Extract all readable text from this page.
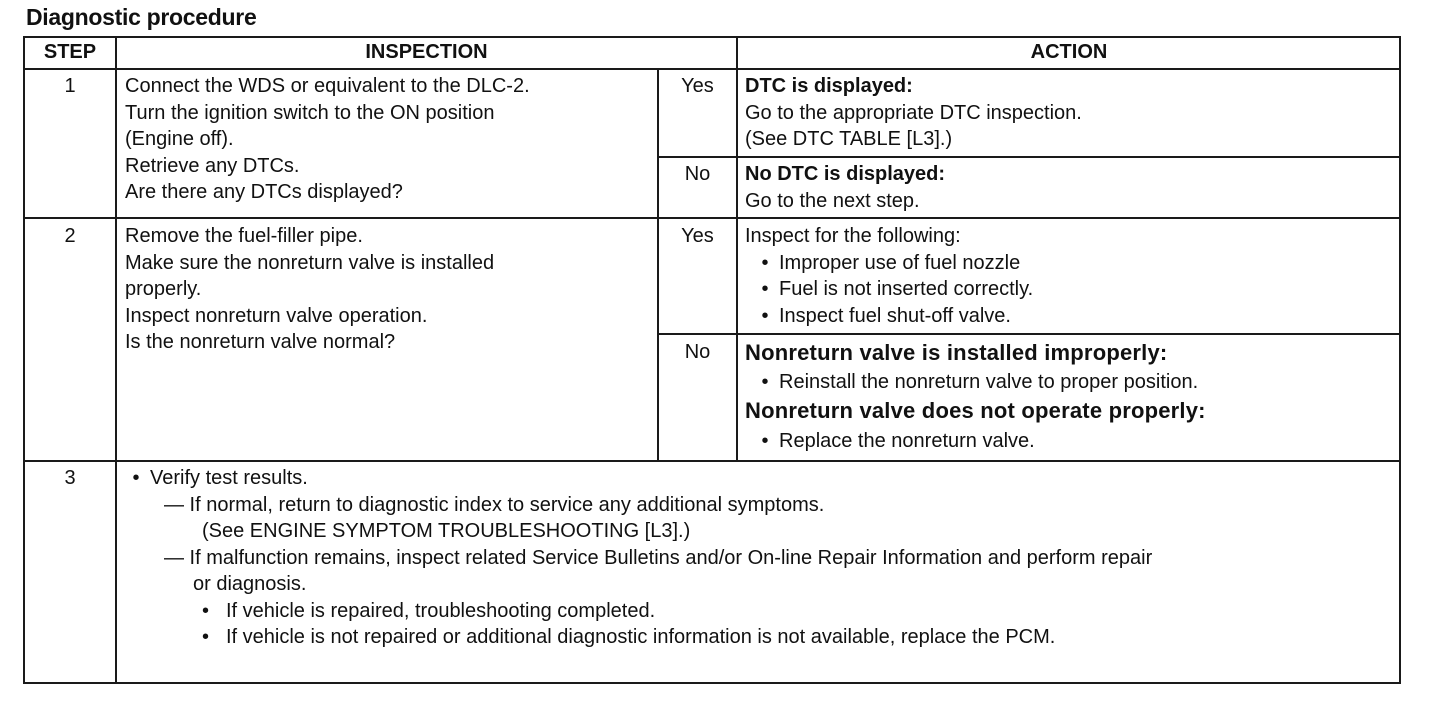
Diagnostic procedure
STEP	INSPECTION	ACTION
1	Connect the WDS or equivalent to the DLC-2.
Turn the ignition switch to the ON position
(Engine off).
Retrieve any DTCs.
Are there any DTCs displayed?
Yes	DTC is displayed:
Go to the appropriate DTC inspection.
(See DTC TABLE [L3].)
No	No DTC is displayed:
Go to the next step.
2	Remove the fuel-filler pipe.
Make sure the nonreturn valve is installed
properly.
Inspect nonreturn valve operation.
Is the nonreturn valve normal?
Yes	Inspect for the following:
• Improper use of fuel nozzle
• Fuel is not inserted correctly.
• Inspect fuel shut-off valve.
No	Nonreturn valve is installed improperly:
• Reinstall the nonreturn valve to proper position.
Nonreturn valve does not operate properly:
• Replace the nonreturn valve.
3
•	Verify test results.
— If normal, return to diagnostic index to service any additional symptoms.
(See ENGINE SYMPTOM TROUBLESHOOTING [L3].)
— If malfunction remains, inspect related Service Bulletins and/or On-line Repair Information and perform repair
or diagnosis.
• If vehicle is repaired, troubleshooting completed.
• If vehicle is not repaired or additional diagnostic information is not available, replace the PCM.
